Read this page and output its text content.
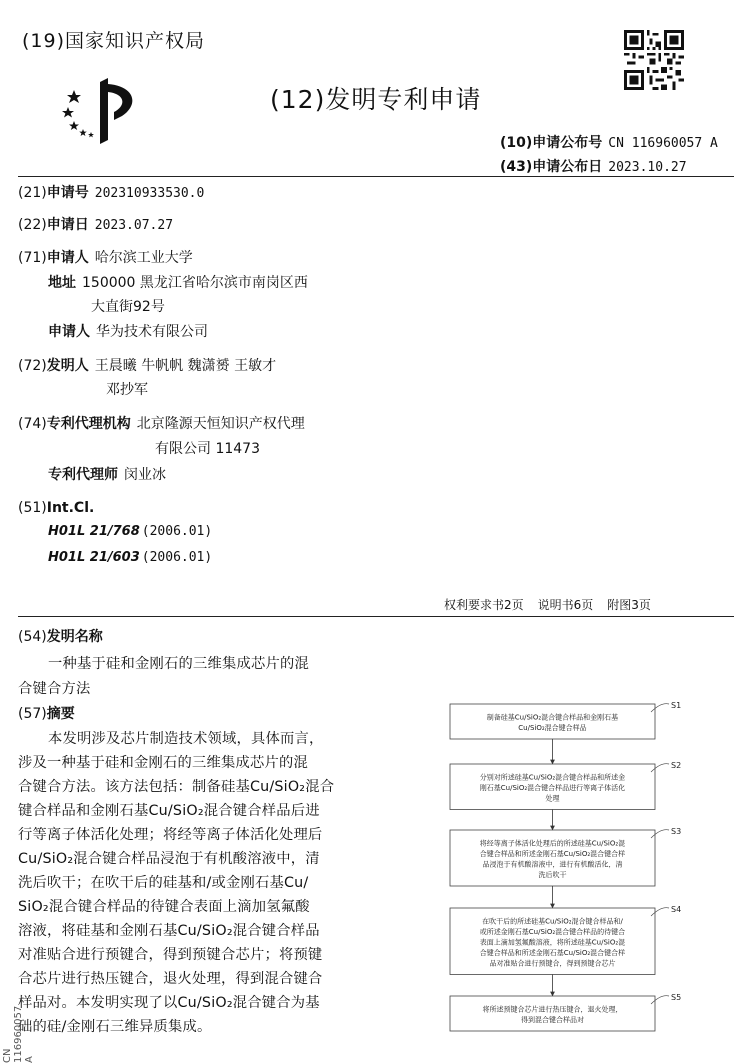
(19)国家知识产权局
(12)发明专利申请
(10)申请公布号 CN 116960057 A
(43)申请公布日 2023.10.27
(21)申请号 202310933530.0
(22)申请日 2023.07.27
(71)申请人 哈尔滨工业大学
地址 150000 黑龙江省哈尔滨市南岗区西
大直街92号
申请人 华为技术有限公司
(72)发明人 王晨曦 牛帆帆 魏潇赟 王敏才
邓抄军
(74)专利代理机构 北京隆源天恒知识产权代理
有限公司 11473
专利代理师 闵业冰
(51)Int.Cl.
H01L 21/768 (2006.01)
H01L 21/603 (2006.01)
权利要求书2页 说明书6页 附图3页
(54)发明名称
一种基于硅和金刚石的三维集成芯片的混
合键合方法
(57)摘要
本发明涉及芯片制造技术领域，具体而言，
涉及一种基于硅和金刚石的三维集成芯片的混
合键合方法。该方法包括：制备硅基Cu/SiO₂混合
键合样品和金刚石基Cu/SiO₂混合键合样品后进
行等离子体活化处理；将经等离子体活化处理后
Cu/SiO₂混合键合样品浸泡于有机酸溶液中，清
洗后吹干；在吹干后的硅基和/或金刚石基Cu/
SiO₂混合键合样品的待键合表面上滴加氢氟酸
溶液，将硅基和金刚石基Cu/SiO₂混合键合样品
对准贴合进行预键合，得到预键合芯片；将预键
合芯片进行热压键合，退火处理，得到混合键合
样品对。本发明实现了以Cu/SiO₂混合键合为基
础的硅/金刚石三维异质集成。
制备硅基Cu/SiO₂混合键合样品和金刚石基
Cu/SiO₂混合键合样品
S1
分别对所述硅基Cu/SiO₂混合键合样品和所述金
刚石基Cu/SiO₂混合键合样品进行等离子体活化
处理
S2
将经等离子体活化处理后的所述硅基Cu/SiO₂混
合键合样品和所述金刚石基Cu/SiO₂混合键合样
品浸泡于有机酸溶液中，进行有机酸活化，清
洗后吹干
S3
在吹干后的所述硅基Cu/SiO₂混合键合样品和/
或所述金刚石基Cu/SiO₂混合键合样品的待键合
表面上滴加氢氟酸溶液，将所述硅基Cu/SiO₂混
合键合样品和所述金刚石基Cu/SiO₂混合键合样
品对准贴合进行预键合，得到预键合芯片
S4
将所述预键合芯片进行热压键合，退火处理，
得到混合键合样品对
S5
CN 116960057 A
